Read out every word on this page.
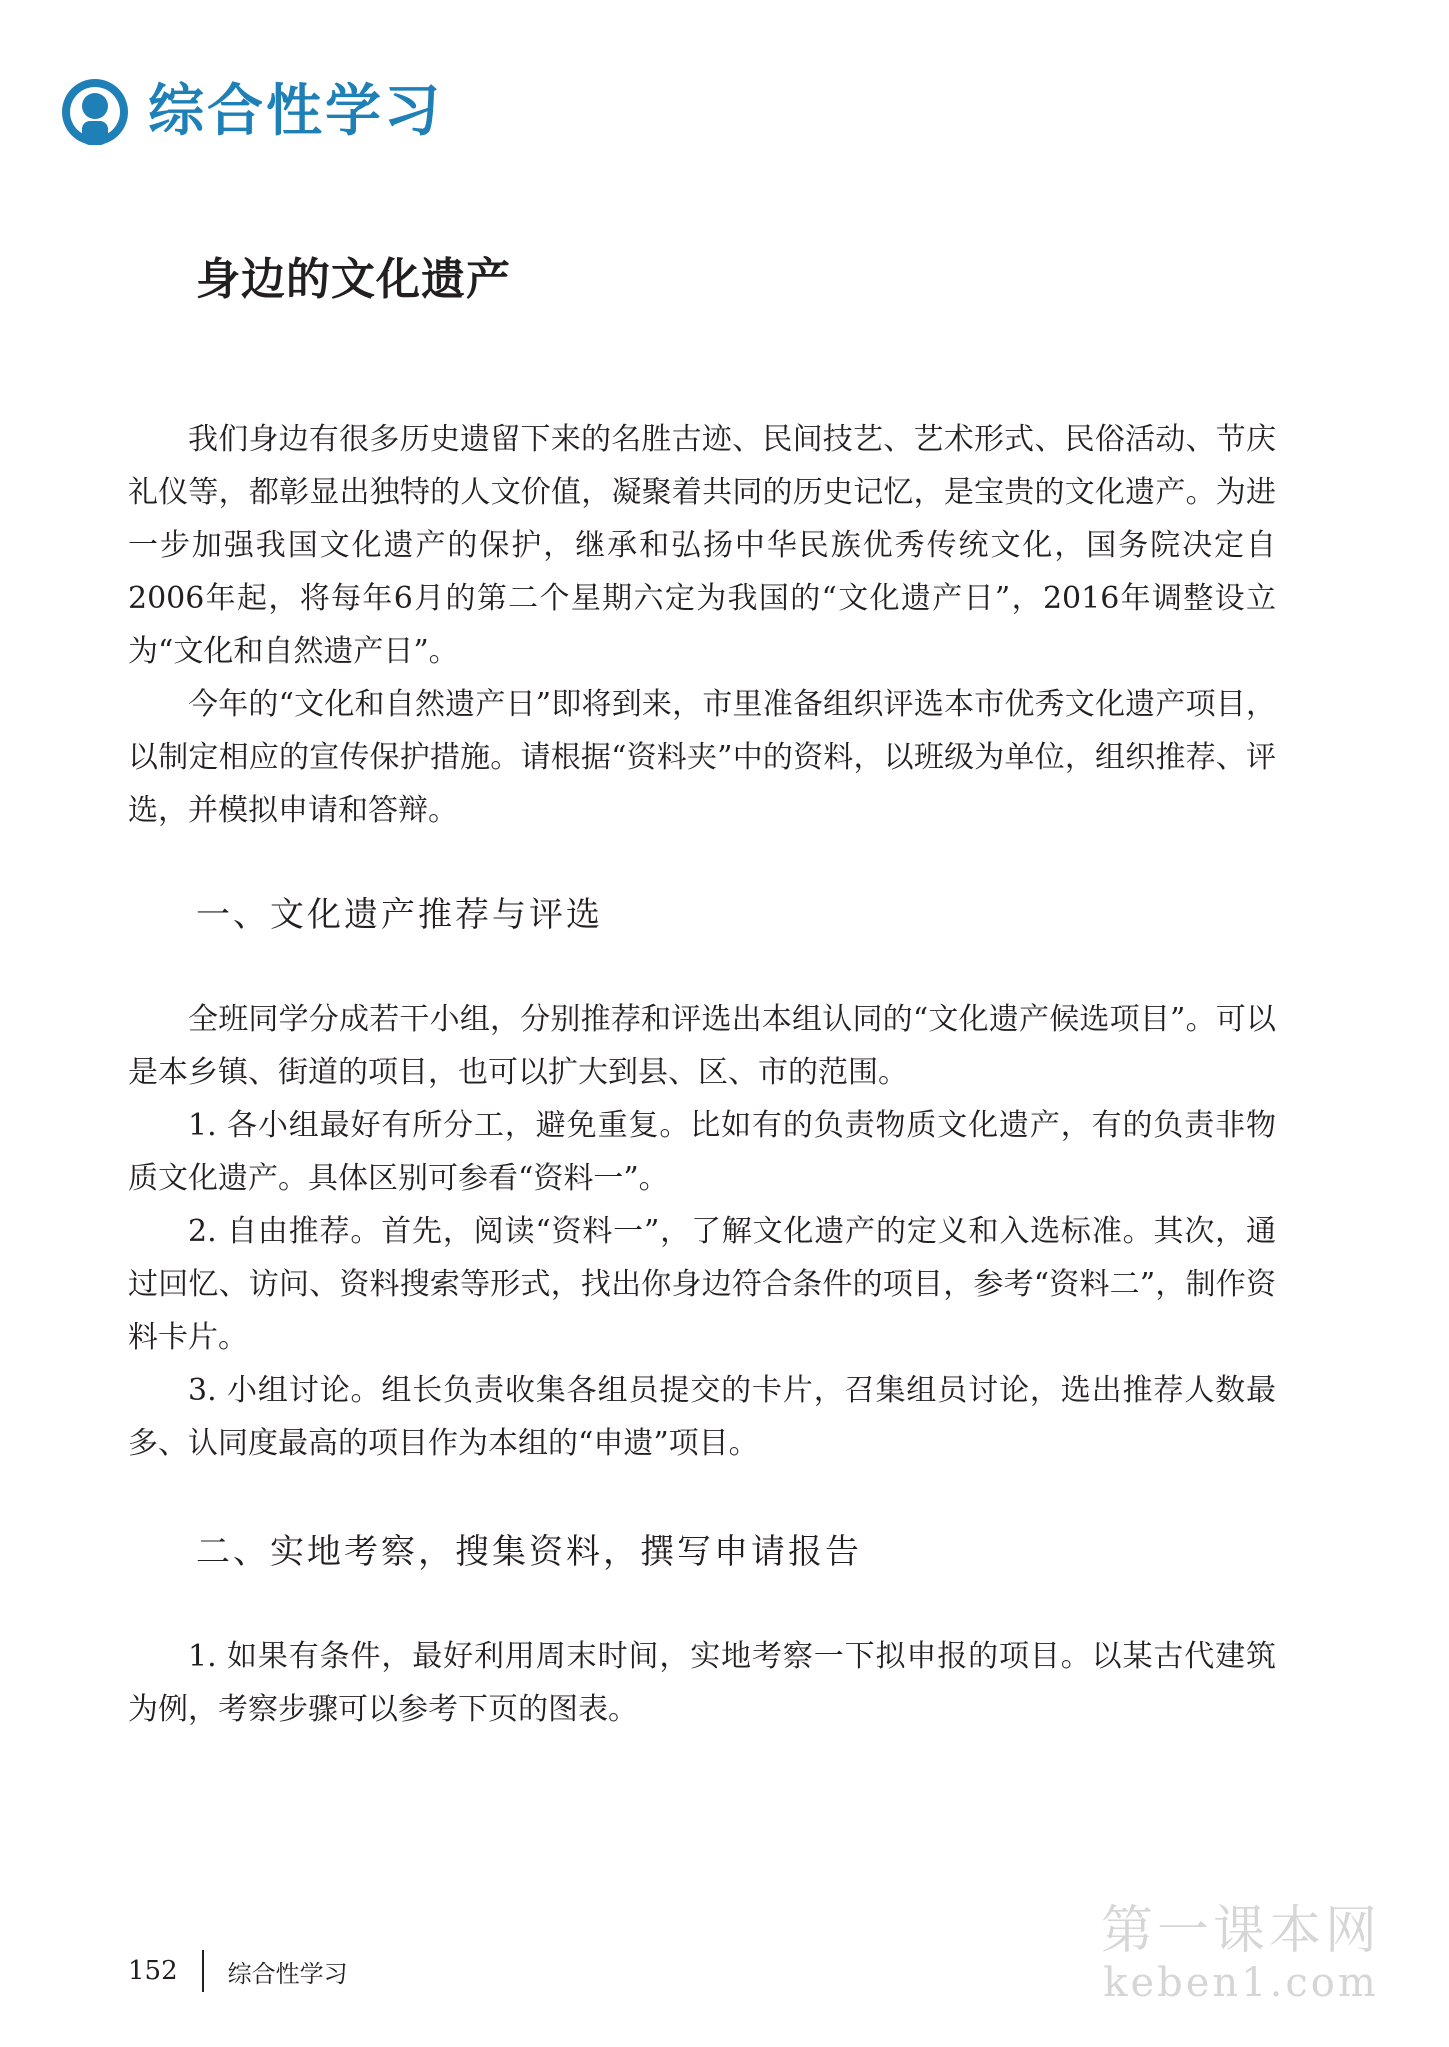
综合性学习
身边的文化遗产

我们身边有很多历史遗留下来的名胜古迹、民间技艺、艺术形式、民俗活动、节庆礼仪等，都彰显出独特的人文价值，凝聚着共同的历史记忆，是宝贵的文化遗产。为进一步加强我国文化遗产的保护，继承和弘扬中华民族优秀传统文化，国务院决定自2006年起，将每年6月的第二个星期六定为我国的“文化遗产日”，2016年调整设立为“文化和自然遗产日”。

今年的“文化和自然遗产日”即将到来，市里准备组织评选本市优秀文化遗产项目，以制定相应的宣传保护措施。请根据“资料夹”中的资料，以班级为单位，组织推荐、评选，并模拟申请和答辩。

一、文化遗产推荐与评选

全班同学分成若干小组，分别推荐和评选出本组认同的“文化遗产候选项目”。可以是本乡镇、街道的项目，也可以扩大到县、区、市的范围。

1. 各小组最好有所分工，避免重复。比如有的负责物质文化遗产，有的负责非物质文化遗产。具体区别可参看“资料一”。

2. 自由推荐。首先，阅读“资料一”，了解文化遗产的定义和入选标准。其次，通过回忆、访问、资料搜索等形式，找出你身边符合条件的项目，参考“资料二”，制作资料卡片。

3. 小组讨论。组长负责收集各组员提交的卡片，召集组员讨论，选出推荐人数最多、认同度最高的项目作为本组的“申遗”项目。

二、实地考察，搜集资料，撰写申请报告

1. 如果有条件，最好利用周末时间，实地考察一下拟申报的项目。以某古代建筑为例，考察步骤可以参考下页的图表。

152 综合性学习
第一课本网
keben1.com
